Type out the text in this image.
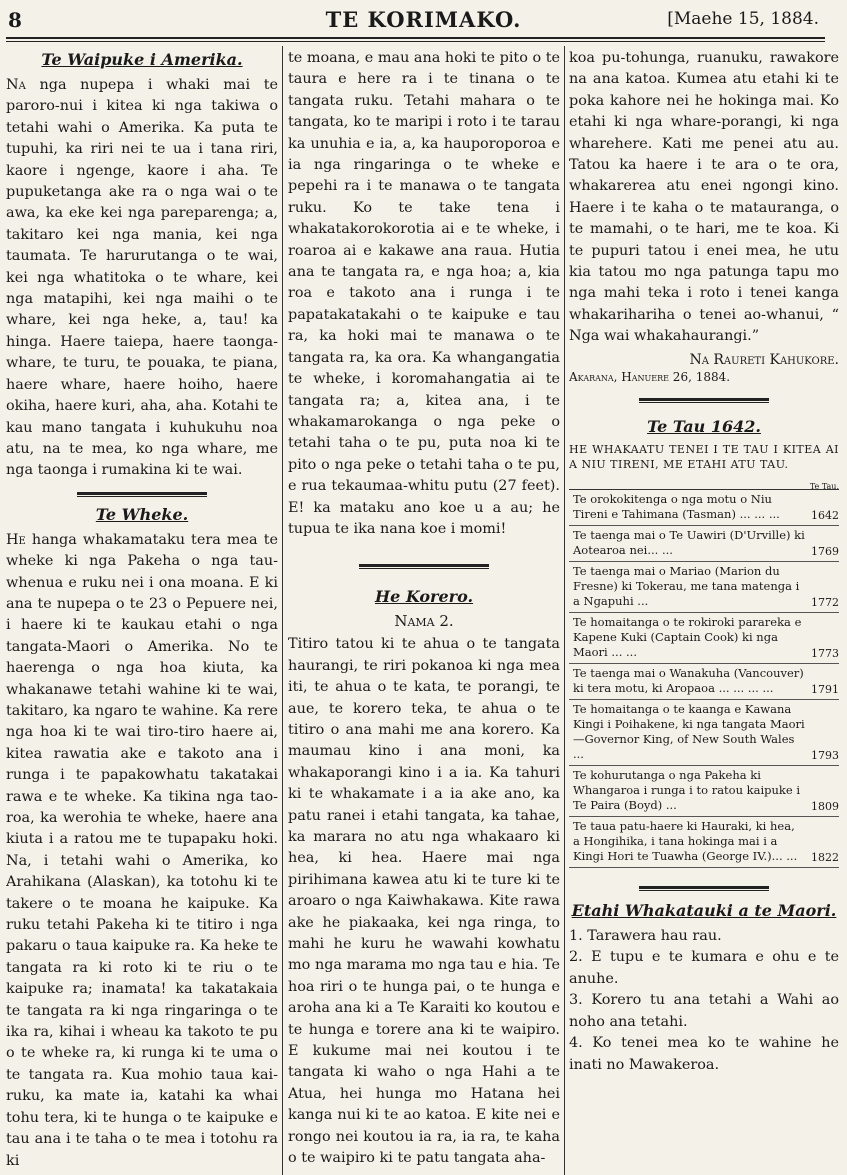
8	TE KORIMAKO.	[Maehe 15, 1884.
Te Waipuke i Amerika.

Na nga nupepa i whaki mai te paroro-nui i kitea ki nga takiwa o tetahi wahi o Amerika. Ka puta te tupuhi, ka riri nei te ua i tana riri, kaore i ngenge, kaore i aha. Te pupuketanga ake ra o nga wai o te awa, ka eke kei nga pareparenga; a, takitaro kei nga mania, kei nga taumata. Te harurutanga o te wai, kei nga whatitoka o te whare, kei nga matapihi, kei nga maihi o te whare, kei nga heke, a, tau! ka hinga. Haere taiepa, haere taonga-whare, te turu, te pouaka, te piana, haere whare, haere hoiho, haere okiha, haere kuri, aha, aha. Kotahi te kau mano tangata i kuhukuhu noa atu, na te mea, ko nga whare, me nga taonga i rumakina ki te wai.

Te Wheke.

He hanga whakamataku tera mea te wheke ki nga Pakeha o nga tau-whenua e ruku nei i ona moana. E ki ana te nupepa o te 23 o Pepuere nei, i haere ki te kaukau etahi o nga tangata-Maori o Amerika. No te haerenga o nga hoa kiuta, ka whakanawe tetahi wahine ki te wai, takitaro, ka ngaro te wahine. Ka rere nga hoa ki te wai tiro-tiro haere ai, kitea rawatia ake e takoto ana i runga i te papakowhatu takatakai rawa e te wheke. Ka tikina nga tao-roa, ka werohia te wheke, haere ana kiuta i a ratou me te tupapaku hoki. Na, i tetahi wahi o Amerika, ko Arahikana (Alaskan), ka totohu ki te takere o te moana he kaipuke. Ka ruku tetahi Pakeha ki te titiro i nga pakaru o taua kaipuke ra. Ka heke te tangata ra ki roto ki te riu o te kaipuke ra; inamata! ka takatakaia te tangata ra ki nga ringaringa o te ika ra, kihai i wheau ka takoto te pu o te wheke ra, ki runga ki te uma o te tangata ra. Kua mohio taua kai-ruku, ka mate ia, katahi ka whai tohu tera, ki te hunga o te kaipuke e tau ana i te taha o te mea i totohu ra ki

te moana, e mau ana hoki te pito o te taura e here ra i te tinana o te tangata ruku. Tetahi mahara o te tangata, ko te maripi i roto i te tarau ka unuhia e ia, a, ka hauporoporoa e ia nga ringaringa o te wheke e pepehi ra i te manawa o te tangata ruku. Ko te take tena i whakatakorokorotia ai e te wheke, i roaroa ai e kakawe ana raua. Hutia ana te tangata ra, e nga hoa; a, kia roa e takoto ana i runga i te papatakatakahi o te kaipuke e tau ra, ka hoki mai te manawa o te tangata ra, ka ora. Ka whangangatia te wheke, i koromahangatia ai te tangata ra; a, kitea ana, i te whakamarokanga o nga peke o tetahi taha o te pu, puta noa ki te pito o nga peke o tetahi taha o te pu, e rua tekaumaa-whitu putu (27 feet). E! ka mataku ano koe u a au; he tupua te ika nana koe i momi!

He Korero.
Nama 2.

Titiro tatou ki te ahua o te tangata haurangi, te riri pokanoa ki nga mea iti, te ahua o te kata, te porangi, te aue, te korero teka, te ahua o te titiro o ana mahi me ana korero. Ka maumau kino i ana moni, ka whakaporangi kino i a ia. Ka tahuri ki te whakamate i a ia ake ano, ka patu ranei i etahi tangata, ka tahae, ka marara no atu nga whakaaro ki hea, ki hea. Haere mai nga pirihimana kawea atu ki te ture ki te aroaro o nga Kaiwhakawa. Kite rawa ake he piakaaka, kei nga ringa, to mahi he kuru he wawahi kowhatu mo nga marama mo nga tau e hia. Te hoa riri o te hunga pai, o te hunga e aroha ana ki a Te Karaiti ko koutou e te hunga e torere ana ki te waipiro. E kukume mai nei koutou i te tangata ki waho o nga Hahi a te Atua, hei hunga mo Hatana hei kanga nui ki te ao katoa. E kite nei e rongo nei koutou ia ra, ia ra, te kaha o te waipiro ki te patu tangata aha-

koa pu-tohunga, ruanuku, rawakore na ana katoa. Kumea atu etahi ki te poka kahore nei he hokinga mai. Ko etahi ki nga whare-porangi, ki nga wharehere. Kati me penei atu au. Tatou ka haere i te ara o te ora, whakarerea atu enei ngongi kino. Haere i te kaha o te matauranga, o te mamahi, o te hari, me te koa. Ki te pupuri tatou i enei mea, he utu kia tatou mo nga patunga tapu mo nga mahi teka i roto i tenei kanga whakarihariha o tenei ao-whanui, “ Nga wai whakahaurangi.”

Na Raureti Kahukore.
Akarana, Hanuere 26, 1884.
Te Tau 1642.
HE WHAKAATU TENEI I TE TAU I KITEA AI A NIU TIRENI, ME ETAHI ATU TAU.
Te Tau.
Te orokokitenga o nga motu o Niu Tireni e Tahimana (Tasman) ... ... ...	1642
Te taenga mai o Te Uawiri (D'Urville) ki Aotearoa nei... ...	1769
Te taenga mai o Mariao (Marion du Fresne) ki Tokerau, me tana matenga i a Ngapuhi ...	1772
Te homaitanga o te rokiroki parareka e Kapene Kuki (Captain Cook) ki nga Maori ... ...	1773
Te taenga mai o Wanakuha (Vancouver) ki tera motu, ki Aropaoa ... ... ... ...	1791
Te homaitanga o te kaanga e Kawana Kingi i Poihakene, ki nga tangata Maori—Governor King, of New South Wales ...	1793
Te kohurutanga o nga Pakeha ki Whangaroa i runga i to ratou kaipuke i Te Paira (Boyd) ...	1809
Te taua patu-haere ki Hauraki, ki hea, a Hongihika, i tana hokinga mai i a Kingi Hori te Tuawha (George IV.)... ...	1822
Etahi Whakatauki a te Maori.
1. Tarawera hau rau.
2. E tupu e te kumara e ohu e te anuhe.
3. Korero tu ana tetahi a Wahi ao noho ana tetahi.
4. Ko tenei mea ko te wahine he inati no Mawakeroa.
